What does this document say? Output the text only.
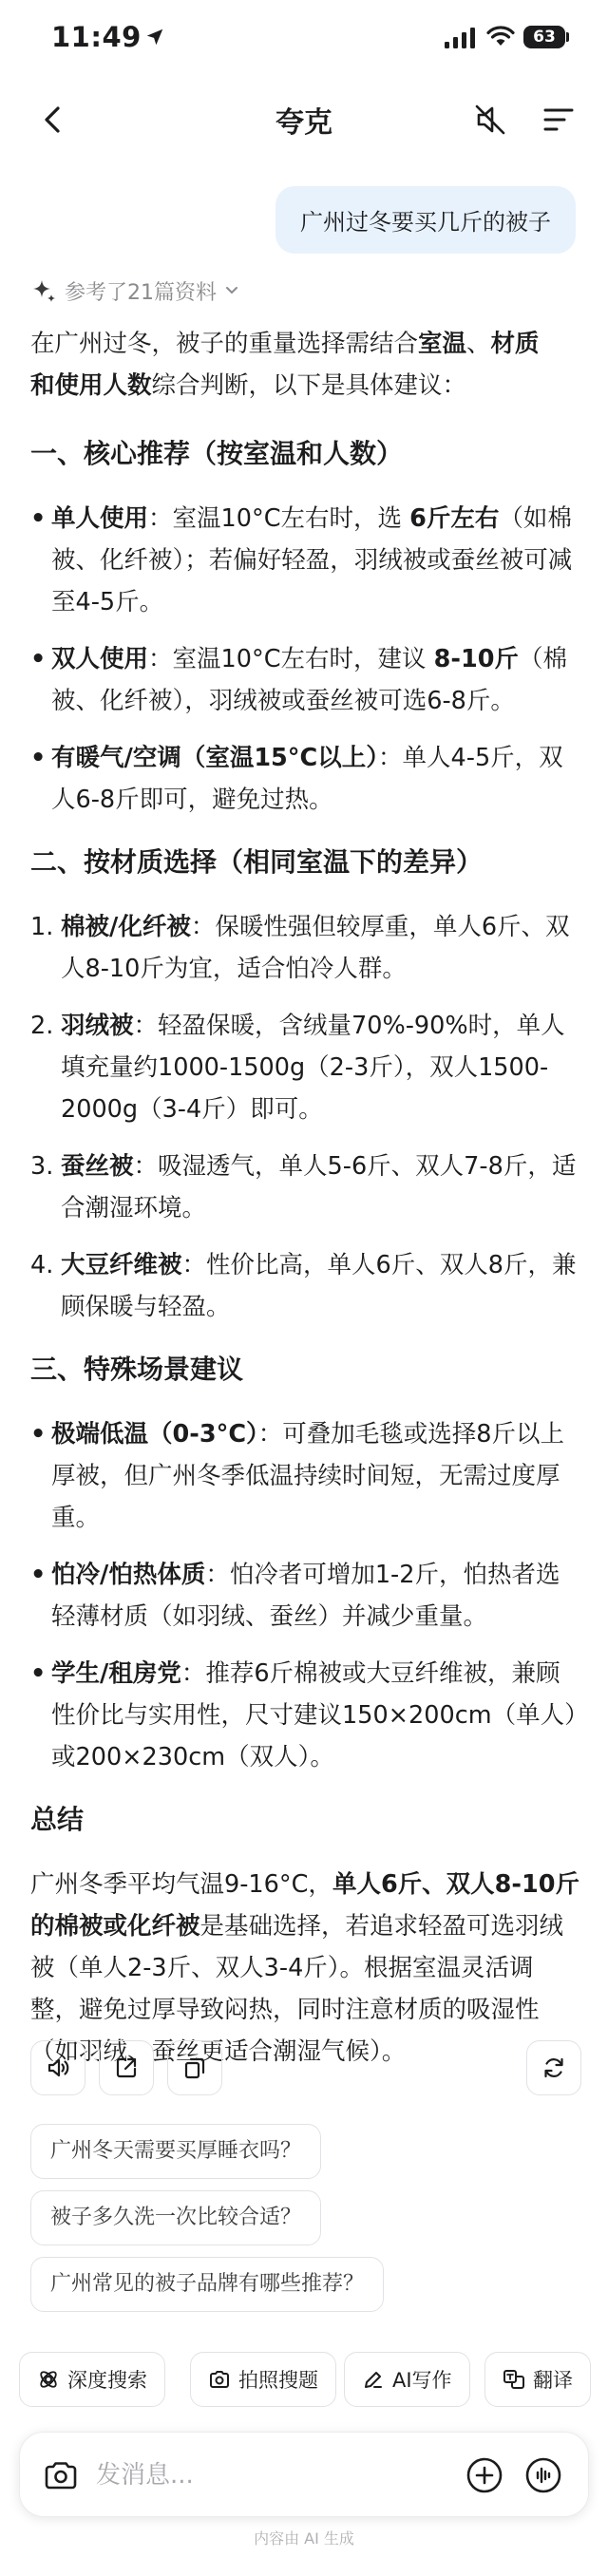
11:49	63
夸克
广州过冬要买几斤的被子
参考了21篇资料

在广州过冬，被子的重量选择需结合室温、材质
和使用人数综合判断，以下是具体建议：

一、核心推荐（按室温和人数）
• 单人使用：室温10°C左右时，选 6斤左右（如棉被、化纤被）；若偏好轻盈，羽绒被或蚕丝被可减至4-5斤。
• 双人使用：室温10°C左右时，建议 8-10斤（棉被、化纤被），羽绒被或蚕丝被可选6-8斤。
• 有暖气/空调（室温15°C以上）：单人4-5斤，双人6-8斤即可，避免过热。
二、按材质选择（相同室温下的差异）
1. 棉被/化纤被：保暖性强但较厚重，单人6斤、双人8-10斤为宜，适合怕冷人群。
2. 羽绒被：轻盈保暖，含绒量70%-90%时，单人填充量约1000-1500g（2-3斤），双人1500-2000g（3-4斤）即可。
3. 蚕丝被：吸湿透气，单人5-6斤、双人7-8斤，适合潮湿环境。
4. 大豆纤维被：性价比高，单人6斤、双人8斤，兼顾保暖与轻盈。
三、特殊场景建议
• 极端低温（0-3°C）：可叠加毛毯或选择8斤以上厚被，但广州冬季低温持续时间短，无需过度厚重。
• 怕冷/怕热体质：怕冷者可增加1-2斤，怕热者选轻薄材质（如羽绒、蚕丝）并减少重量。
• 学生/租房党：推荐6斤棉被或大豆纤维被，兼顾性价比与实用性，尺寸建议150×200cm（单人）或200×230cm（双人）。

总结

广州冬季平均气温9-16°C，单人6斤、双人8-10斤的棉被或化纤被是基础选择，若追求轻盈可选羽绒被（单人2-3斤、双人3-4斤）。根据室温灵活调整，避免过厚导致闷热，同时注意材质的吸湿性（如羽绒、蚕丝更适合潮湿气候）。

广州冬天需要买厚睡衣吗？
被子多久洗一次比较合适？
广州常见的被子品牌有哪些推荐？
深度搜索	拍照搜题	AI写作	翻译
发消息...
内容由 AI 生成
